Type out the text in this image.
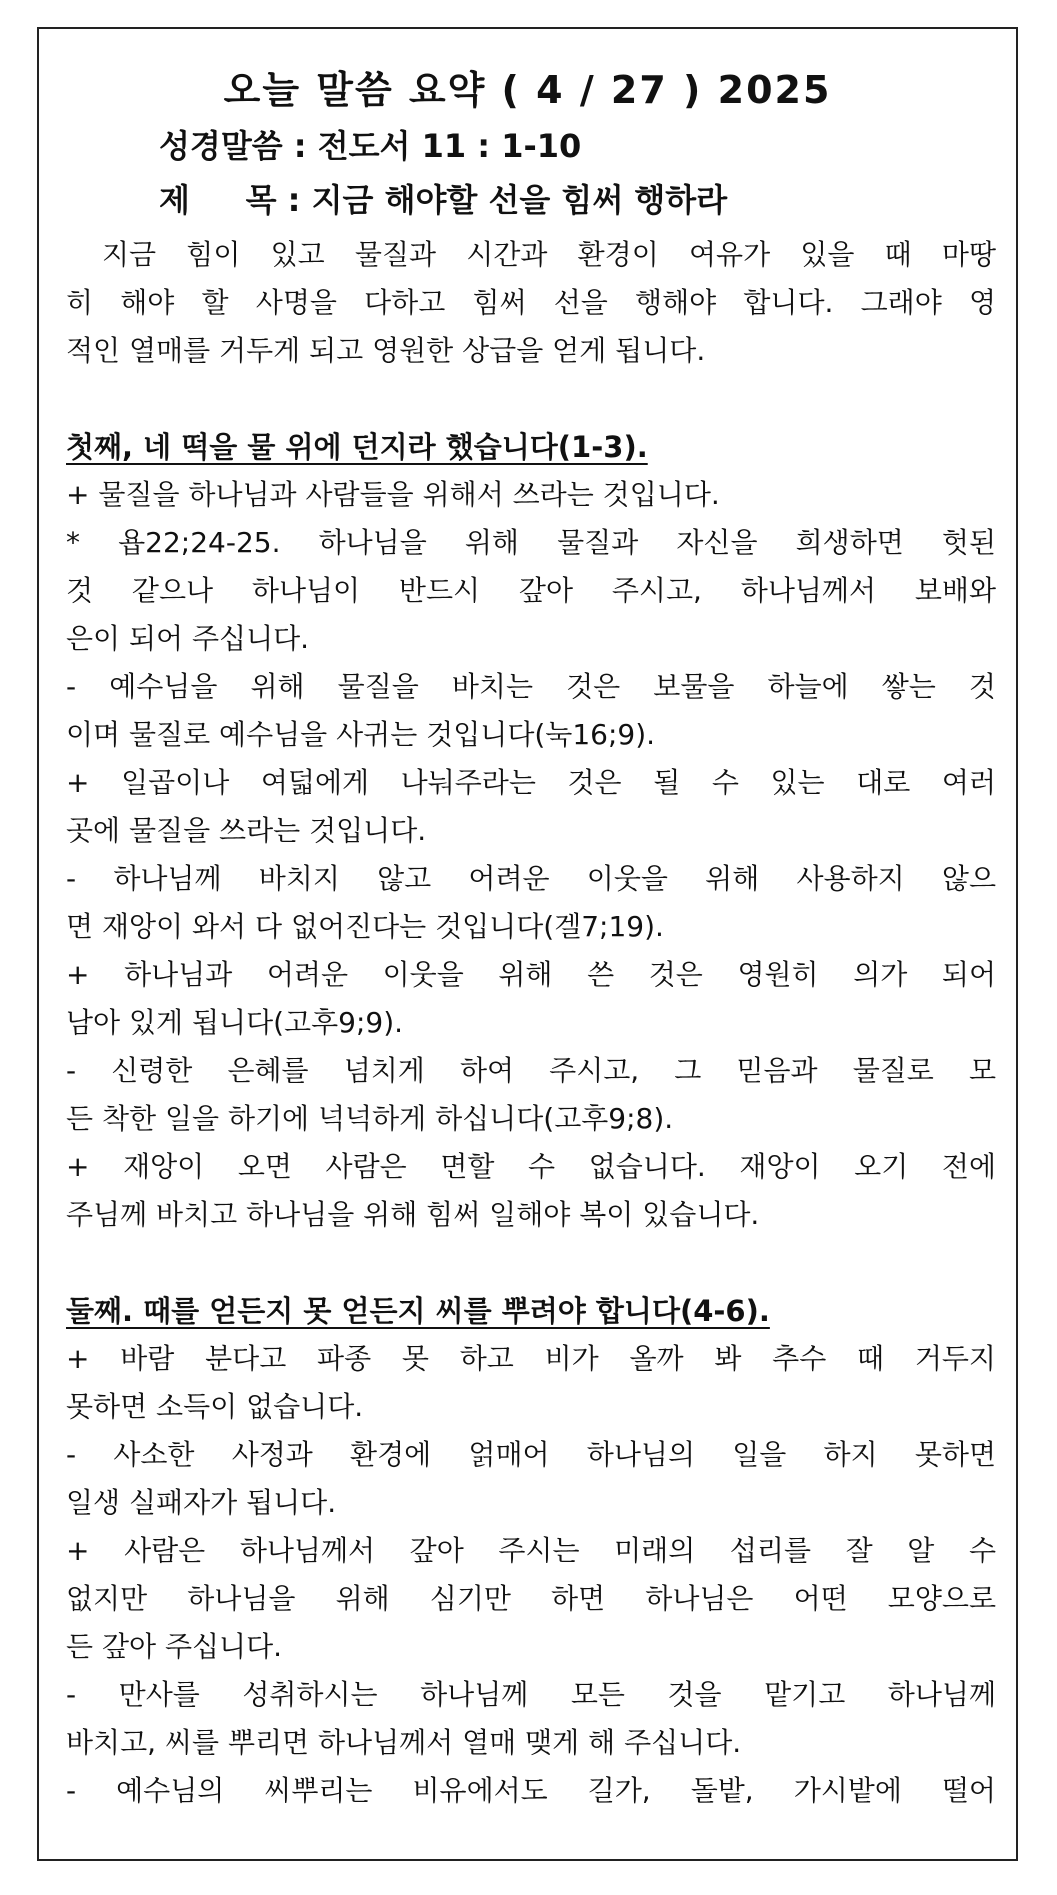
오늘 말씀 요약 ( 4 / 27 ) 2025
성경말씀 : 전도서 11 : 1-10
제     목 : 지금 해야할 선을 힘써 행하라
지금 힘이 있고 물질과 시간과 환경이 여유가 있을 때 마땅
히 해야 할 사명을 다하고 힘써 선을 행해야 합니다. 그래야 영
적인 열매를 거두게 되고 영원한 상급을 얻게 됩니다.
첫째, 네 떡을 물 위에 던지라 했습니다(1-3).
+ 물질을 하나님과 사람들을 위해서 쓰라는 것입니다.
* 욥22;24-25. 하나님을 위해 물질과 자신을 희생하면 헛된
것 같으나 하나님이 반드시 갚아 주시고, 하나님께서 보배와
은이 되어 주십니다.
- 예수님을 위해 물질을 바치는 것은 보물을 하늘에 쌓는 것
이며 물질로 예수님을 사귀는 것입니다(눅16;9).
+ 일곱이나 여덟에게 나눠주라는 것은 될 수 있는 대로 여러
곳에 물질을 쓰라는 것입니다.
- 하나님께 바치지 않고 어려운 이웃을 위해 사용하지 않으
면 재앙이 와서 다 없어진다는 것입니다(겔7;19).
+ 하나님과 어려운 이웃을 위해 쓴 것은 영원히 의가 되어
남아 있게 됩니다(고후9;9).
- 신령한 은혜를 넘치게 하여 주시고, 그 믿음과 물질로 모
든 착한 일을 하기에 넉넉하게 하십니다(고후9;8).
+ 재앙이 오면 사람은 면할 수 없습니다. 재앙이 오기 전에
주님께 바치고 하나님을 위해 힘써 일해야 복이 있습니다.
둘째. 때를 얻든지 못 얻든지 씨를 뿌려야 합니다(4-6).
+ 바람 분다고 파종 못 하고 비가 올까 봐 추수 때 거두지
못하면 소득이 없습니다.
- 사소한 사정과 환경에 얽매어 하나님의 일을 하지 못하면
일생 실패자가 됩니다.
+ 사람은 하나님께서 갚아 주시는 미래의 섭리를 잘 알 수
없지만 하나님을 위해 심기만 하면 하나님은 어떤 모양으로
든 갚아 주십니다.
- 만사를 성취하시는 하나님께 모든 것을 맡기고 하나님께
바치고, 씨를 뿌리면 하나님께서 열매 맺게 해 주십니다.
- 예수님의 씨뿌리는 비유에서도 길가, 돌밭, 가시밭에 떨어
